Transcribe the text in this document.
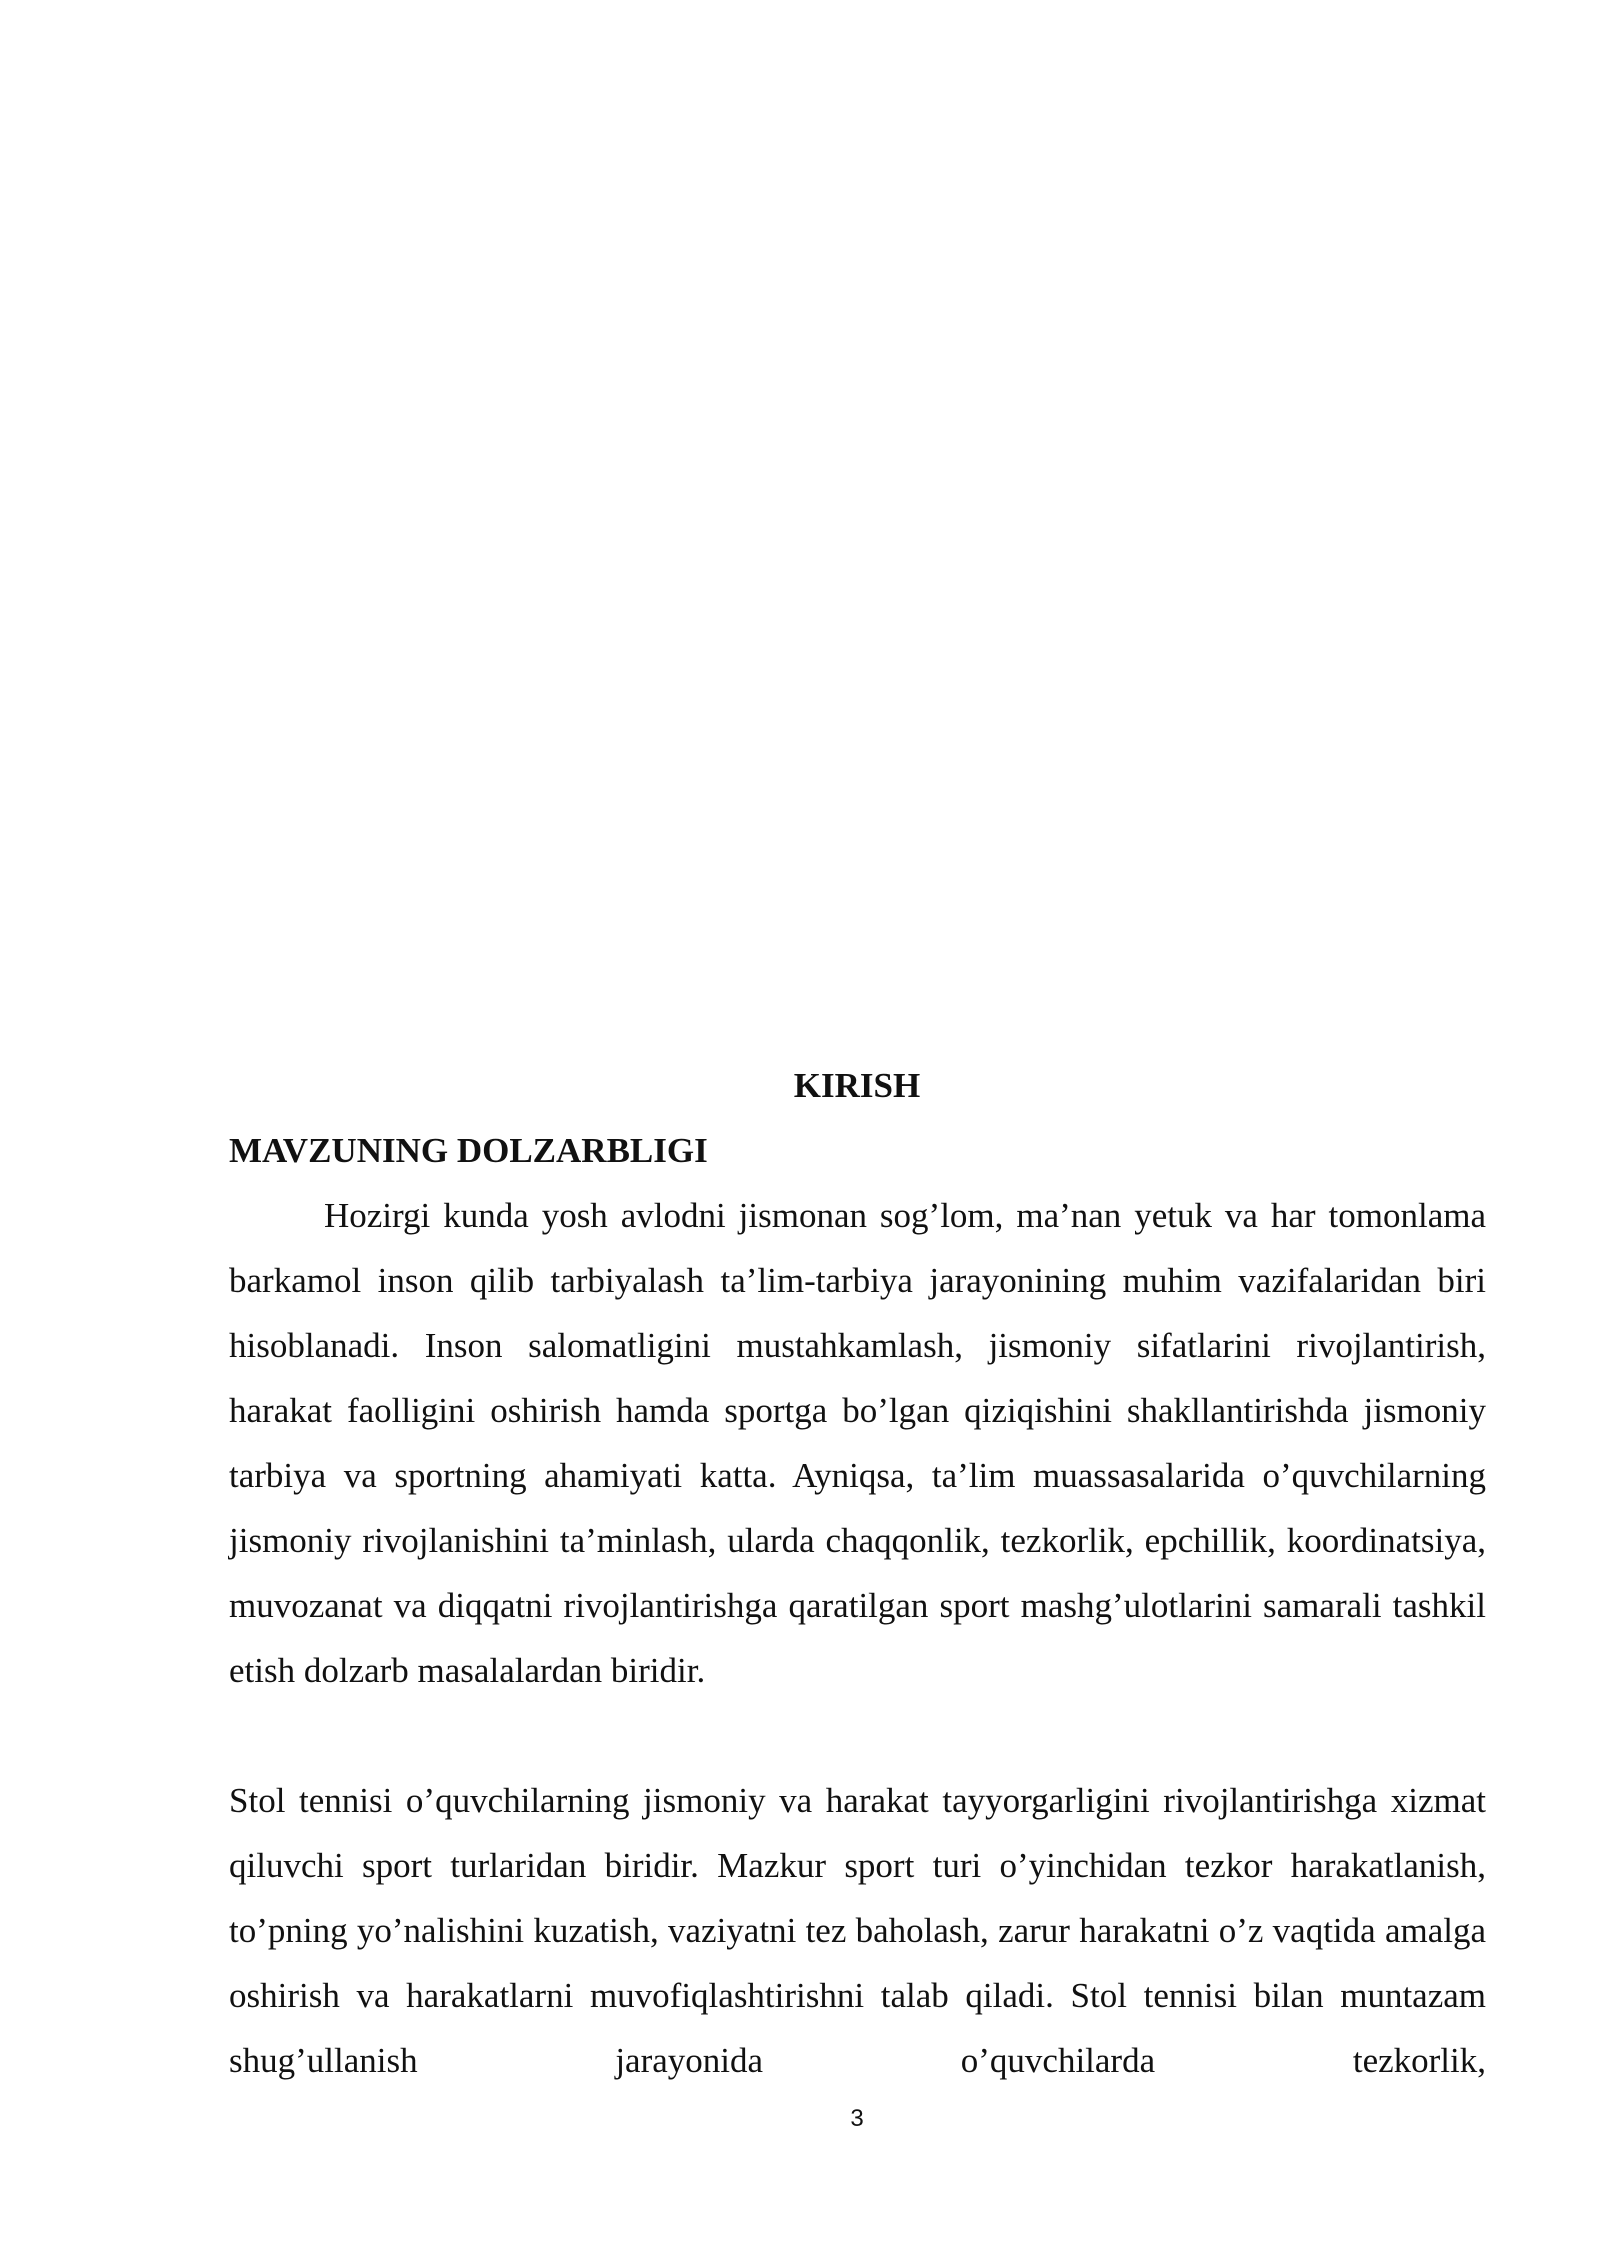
KIRISH
MAVZUNING DOLZARBLIGI

Hozirgi kunda yosh avlodni jismonan sog’lom, ma’nan yetuk va har tomonlama barkamol inson qilib tarbiyalash ta’lim-tarbiya jarayonining muhim vazifalaridan biri hisoblanadi. Inson salomatligini mustahkamlash, jismoniy sifatlarini rivojlantirish, harakat faolligini oshirish hamda sportga bo’lgan qiziqishini shakllantirishda jismoniy tarbiya va sportning ahamiyati katta. Ayniqsa, ta’lim muassasalarida o’quvchilarning jismoniy rivojlanishini ta’minlash, ularda chaqqonlik, tezkorlik, epchillik, koordinatsiya, muvozanat va diqqatni rivojlantirishga qaratilgan sport mashg’ulotlarini samarali tashkil etish dolzarb masalalardan biridir.

Stol tennisi o’quvchilarning jismoniy va harakat tayyorgarligini rivojlantirishga xizmat qiluvchi sport turlaridan biridir. Mazkur sport turi o’yinchidan tezkor harakatlanish, to’pning yo’nalishini kuzatish, vaziyatni tez baholash, zarur harakatni o’z vaqtida amalga oshirish va harakatlarni muvofiqlashtirishni talab qiladi. Stol tennisi bilan muntazam shug’ullanish jarayonida o’quvchilarda tezkorlik,

3
